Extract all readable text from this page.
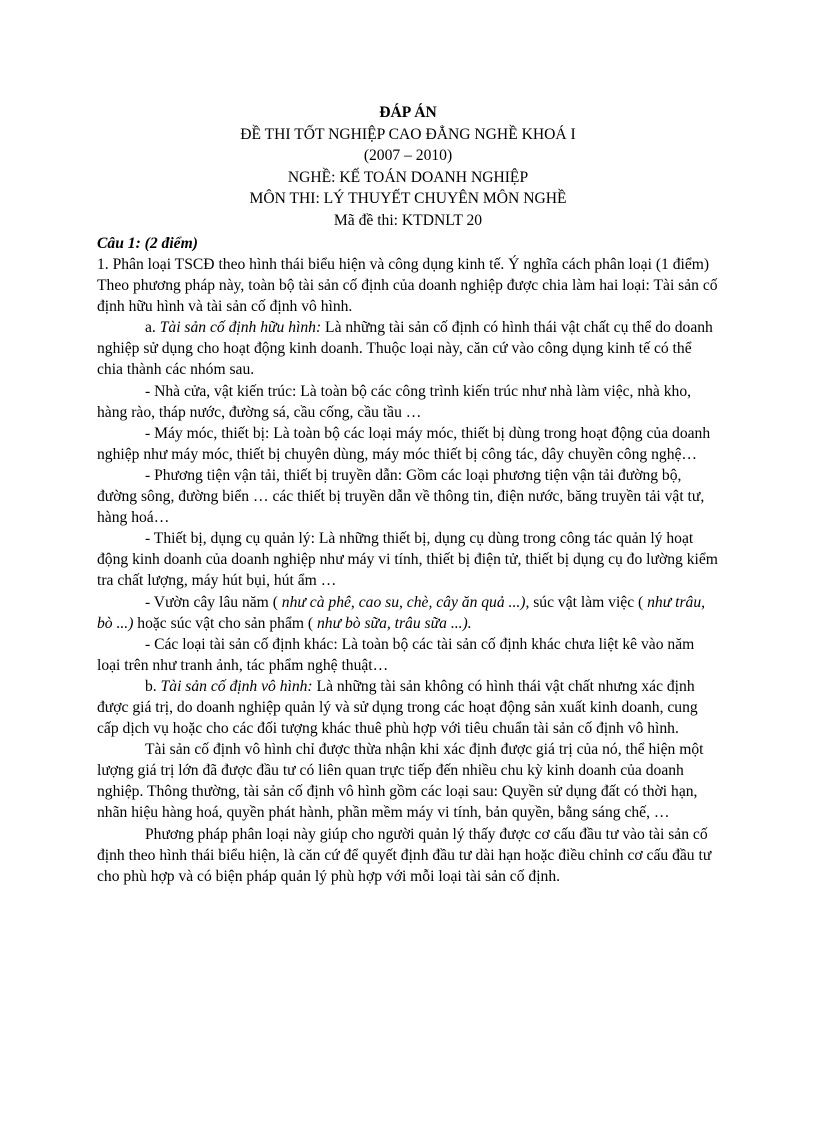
ĐÁP ÁN
ĐỀ THI TỐT NGHIỆP CAO ĐẲNG NGHỀ KHOÁ I
(2007 – 2010)
NGHỀ: KẾ TOÁN DOANH NGHIỆP
MÔN THI: LÝ THUYẾT CHUYÊN MÔN NGHỀ
Mã đề thi: KTDNLT 20
Câu 1: (2 điểm)

1. Phân loại TSCĐ theo hình thái biểu hiện và công dụng kinh tế. Ý nghĩa cách phân loại (1 điểm)

Theo phương pháp này, toàn bộ tài sản cố định của doanh nghiệp được chia làm hai loại: Tài sản cố định hữu hình và tài sản cố định vô hình.

a. Tài sản cố định hữu hình: Là những tài sản cố định có hình thái vật chất cụ thể do doanh nghiệp sử dụng cho hoạt động kinh doanh. Thuộc loại này, căn cứ vào công dụng kinh tế có thể chia thành các nhóm sau.

- Nhà cửa, vật kiến trúc: Là toàn bộ các công trình kiến trúc như nhà làm việc, nhà kho, hàng rào, tháp nước, đường sá, cầu cống, cầu tầu …

- Máy móc, thiết bị: Là toàn bộ các loại máy móc, thiết bị dùng trong hoạt động của doanh nghiệp như máy móc, thiết bị chuyên dùng, máy móc thiết bị công tác, dây chuyền công nghệ…

- Phương tiện vận tải, thiết bị truyền dẫn: Gồm các loại phương tiện vận tải đường bộ, đường sông, đường biển … các thiết bị truyền dẫn về thông tin, điện nước, băng truyền tải vật tư, hàng hoá…

- Thiết bị, dụng cụ quản lý: Là những thiết bị, dụng cụ dùng trong công tác quản lý hoạt động kinh doanh của doanh nghiệp như máy vi tính, thiết bị điện tử, thiết bị dụng cụ đo lường kiểm tra chất lượng, máy hút bụi, hút ẩm …

- Vườn cây lâu năm ( như cà phê, cao su, chè, cây ăn quả ...), súc vật làm việc ( như trâu, bò ...) hoặc súc vật cho sản phẩm ( như bò sữa, trâu sữa ...).

- Các loại tài sản cố định khác: Là toàn bộ các tài sản cố định khác chưa liệt kê vào năm loại trên như tranh ảnh, tác phẩm nghệ thuật…

b. Tài sản cố định vô hình: Là những tài sản không có hình thái vật chất nhưng xác định được giá trị, do doanh nghiệp quản lý và sử dụng trong các hoạt động sản xuất kinh doanh, cung cấp dịch vụ hoặc cho các đối tượng khác thuê phù hợp với tiêu chuẩn tài sản cố định vô hình.

Tài sản cố định vô hình chỉ được thừa nhận khi xác định được giá trị của nó, thể hiện một lượng giá trị lớn đã được đầu tư có liên quan trực tiếp đến nhiều chu kỳ kinh doanh của doanh nghiệp. Thông thường, tài sản cố định vô hình gồm các loại sau: Quyền sử dụng đất có thời hạn, nhãn hiệu hàng hoá, quyền phát hành, phần mềm máy vi tính, bản quyền, bằng sáng chế, …

Phương pháp phân loại này giúp cho người quản lý thấy được cơ cấu đầu tư vào tài sản cố định theo hình thái biểu hiện, là căn cứ để quyết định đầu tư dài hạn hoặc điều chỉnh cơ cấu đầu tư cho phù hợp và có biện pháp quản lý phù hợp với mỗi loại tài sản cố định.
